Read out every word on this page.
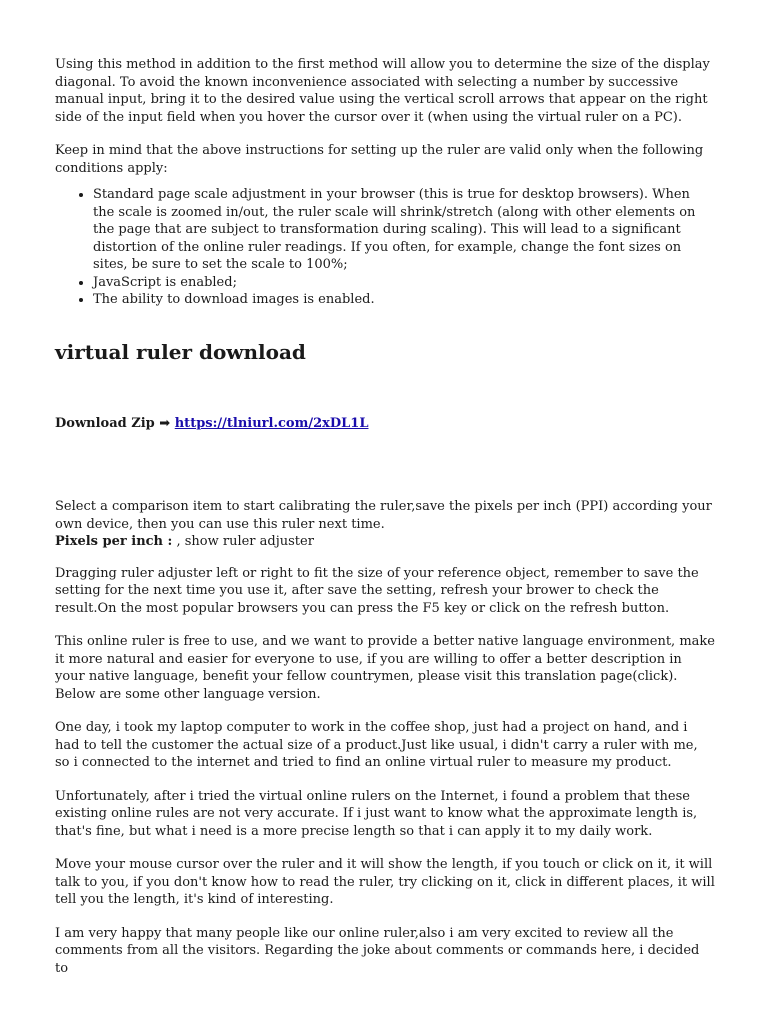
Using this method in addition to the first method will allow you to determine the size of the display diagonal. To avoid the known inconvenience associated with selecting a number by successive manual input, bring it to the desired value using the vertical scroll arrows that appear on the right side of the input field when you hover the cursor over it (when using the virtual ruler on a PC).

Keep in mind that the above instructions for setting up the ruler are valid only when the following conditions apply:

• Standard page scale adjustment in your browser (this is true for desktop browsers). When the scale is zoomed in/out, the ruler scale will shrink/stretch (along with other elements on the page that are subject to transformation during scaling). This will lead to a significant distortion of the online ruler readings. If you often, for example, change the font sizes on sites, be sure to set the scale to 100%;
• JavaScript is enabled;
• The ability to download images is enabled.
virtual ruler download
Download Zip ➡ https://tlniurl.com/2xDL1L

Select a comparison item to start calibrating the ruler,save the pixels per inch (PPI) according your own device, then you can use this ruler next time.
Pixels per inch : , show ruler adjuster

Dragging ruler adjuster left or right to fit the size of your reference object, remember to save the setting for the next time you use it, after save the setting, refresh your brower to check the result.On the most popular browsers you can press the F5 key or click on the refresh button.

This online ruler is free to use, and we want to provide a better native language environment, make it more natural and easier for everyone to use, if you are willing to offer a better description in your native language, benefit your fellow countrymen, please visit this translation page(click).
Below are some other language version.

One day, i took my laptop computer to work in the coffee shop, just had a project on hand, and i had to tell the customer the actual size of a product.Just like usual, i didn't carry a ruler with me, so i connected to the internet and tried to find an online virtual ruler to measure my product.

Unfortunately, after i tried the virtual online rulers on the Internet, i found a problem that these existing online rules are not very accurate. If i just want to know what the approximate length is, that's fine, but what i need is a more precise length so that i can apply it to my daily work.

Move your mouse cursor over the ruler and it will show the length, if you touch or click on it, it will talk to you, if you don't know how to read the ruler, try clicking on it, click in different places, it will tell you the length, it's kind of interesting.

I am very happy that many people like our online ruler,also i am very excited to review all the comments from all the visitors. Regarding the joke about comments or commands here, i decided to
